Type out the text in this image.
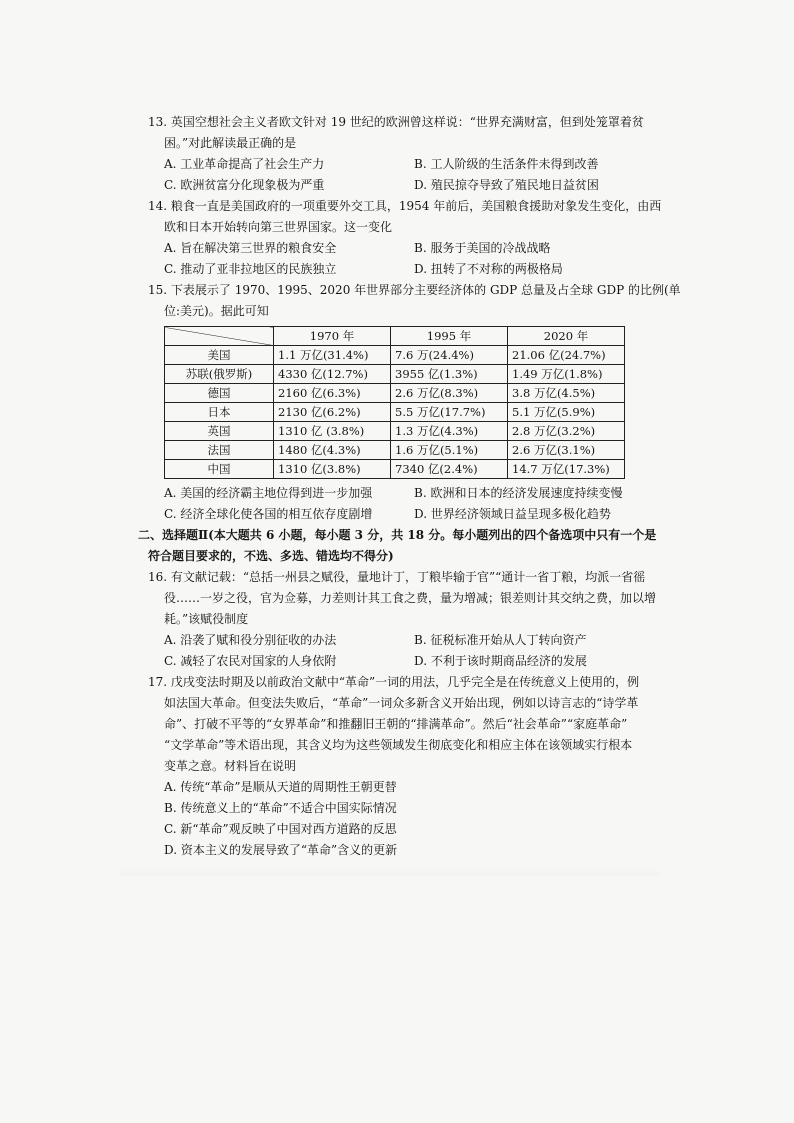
13. 英国空想社会主义者欧文针对 19 世纪的欧洲曾这样说：“世界充满财富，但到处笼罩着贫
困。”对此解读最正确的是
A. 工业革命提高了社会生产力	B. 工人阶级的生活条件未得到改善
C. 欧洲贫富分化现象极为严重	D. 殖民掠夺导致了殖民地日益贫困
14. 粮食一直是美国政府的一项重要外交工具，1954 年前后，美国粮食援助对象发生变化，由西
欧和日本开始转向第三世界国家。这一变化
A. 旨在解决第三世界的粮食安全	B. 服务于美国的冷战战略
C. 推动了亚非拉地区的民族独立	D. 扭转了不对称的两极格局
15. 下表展示了 1970、1995、2020 年世界部分主要经济体的 GDP 总量及占全球 GDP 的比例(单
位:美元)。据此可知
	1970 年	1995 年	2020 年
美国	1.1 万亿(31.4%)	7.6 万(24.4%)	21.06 亿(24.7%)
苏联(俄罗斯)	4330 亿(12.7%)	3955 亿(1.3%)	1.49 万亿(1.8%)
德国	2160 亿(6.3%)	2.6 万亿(8.3%)	3.8 万亿(4.5%)
日本	2130 亿(6.2%)	5.5 万亿(17.7%)	5.1 万亿(5.9%)
英国	1310 亿 (3.8%)	1.3 万亿(4.3%)	2.8 万亿(3.2%)
法国	1480 亿(4.3%)	1.6 万亿(5.1%)	2.6 万亿(3.1%)
中国	1310 亿(3.8%)	7340 亿(2.4%)	14.7 万亿(17.3%)
A. 美国的经济霸主地位得到进一步加强	B. 欧洲和日本的经济发展速度持续变慢
C. 经济全球化使各国的相互依存度剧增	D. 世界经济领域日益呈现多极化趋势
二、选择题Ⅱ(本大题共 6 小题，每小题 3 分，共 18 分。每小题列出的四个备选项中只有一个是
符合题目要求的，不选、多选、错选均不得分)
16. 有文献记载：“总括一州县之赋役，量地计丁，丁粮毕输于官”“通计一省丁粮，均派一省徭
役……一岁之役，官为佥募，力差则计其工食之费，量为增减；银差则计其交纳之费，加以增
耗。”该赋役制度
A. 沿袭了赋和役分别征收的办法	B. 征税标准开始从人丁转向资产
C. 减轻了农民对国家的人身依附	D. 不利于该时期商品经济的发展
17. 戊戌变法时期及以前政治文献中“革命”一词的用法，几乎完全是在传统意义上使用的，例
如法国大革命。但变法失败后，“革命”一词众多新含义开始出现，例如以诗言志的“诗学革
命”、打破不平等的“女界革命”和推翻旧王朝的“排满革命”。然后“社会革命”“家庭革命”
“文学革命”等术语出现，其含义均为这些领域发生彻底变化和相应主体在该领域实行根本
变革之意。材料旨在说明
A. 传统“革命”是顺从天道的周期性王朝更替
B. 传统意义上的“革命”不适合中国实际情况
C. 新“革命”观反映了中国对西方道路的反思
D. 资本主义的发展导致了“革命”含义的更新
